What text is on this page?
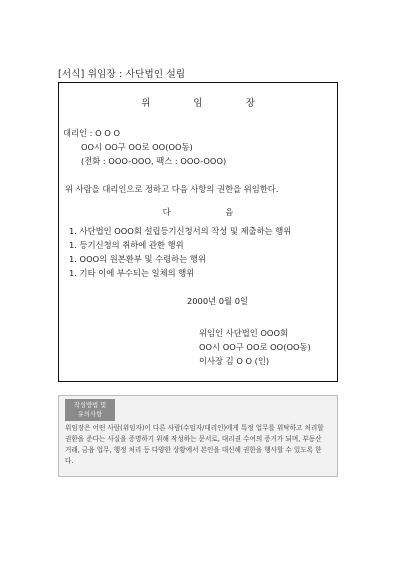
[서식] 위임장 : 사단법인 설립
위 임 장
대리인 : O O O
OO시 OO구 OO로 OO(OO동)
(전화 : OOO-OOO, 팩스 : OOO-OOO)
위 사람을 대리인으로 정하고 다음 사항의 권한을 위임한다.
다 음
1. 사단법인 OOO회 설립등기신청서의 작성 및 제출하는 행위
1. 등기신청의 취하에 관한 행위
1. OOO의 원본환부 및 수령하는 행위
1. 기타 이에 부수되는 일체의 행위
2000년 0월 0일
위임인 사단법인 OOO회
OO시 OO구 OO로 OO(OO동)
이사장 김 O O (인)
작성방법 및
유의사항
위임장은 어떤 사람(위임자)이 다른 사람(수임자/대리인)에게 특정 업무를 위탁하고 처리할 권한을 준다는 사실을 증명하기 위해 작성하는 문서로, 대리권 수여의 증거가 되며, 부동산 거래, 금융 업무, 행정 처리 등 다양한 상황에서 본인을 대신해 권한을 행사할 수 있도록 한다.
